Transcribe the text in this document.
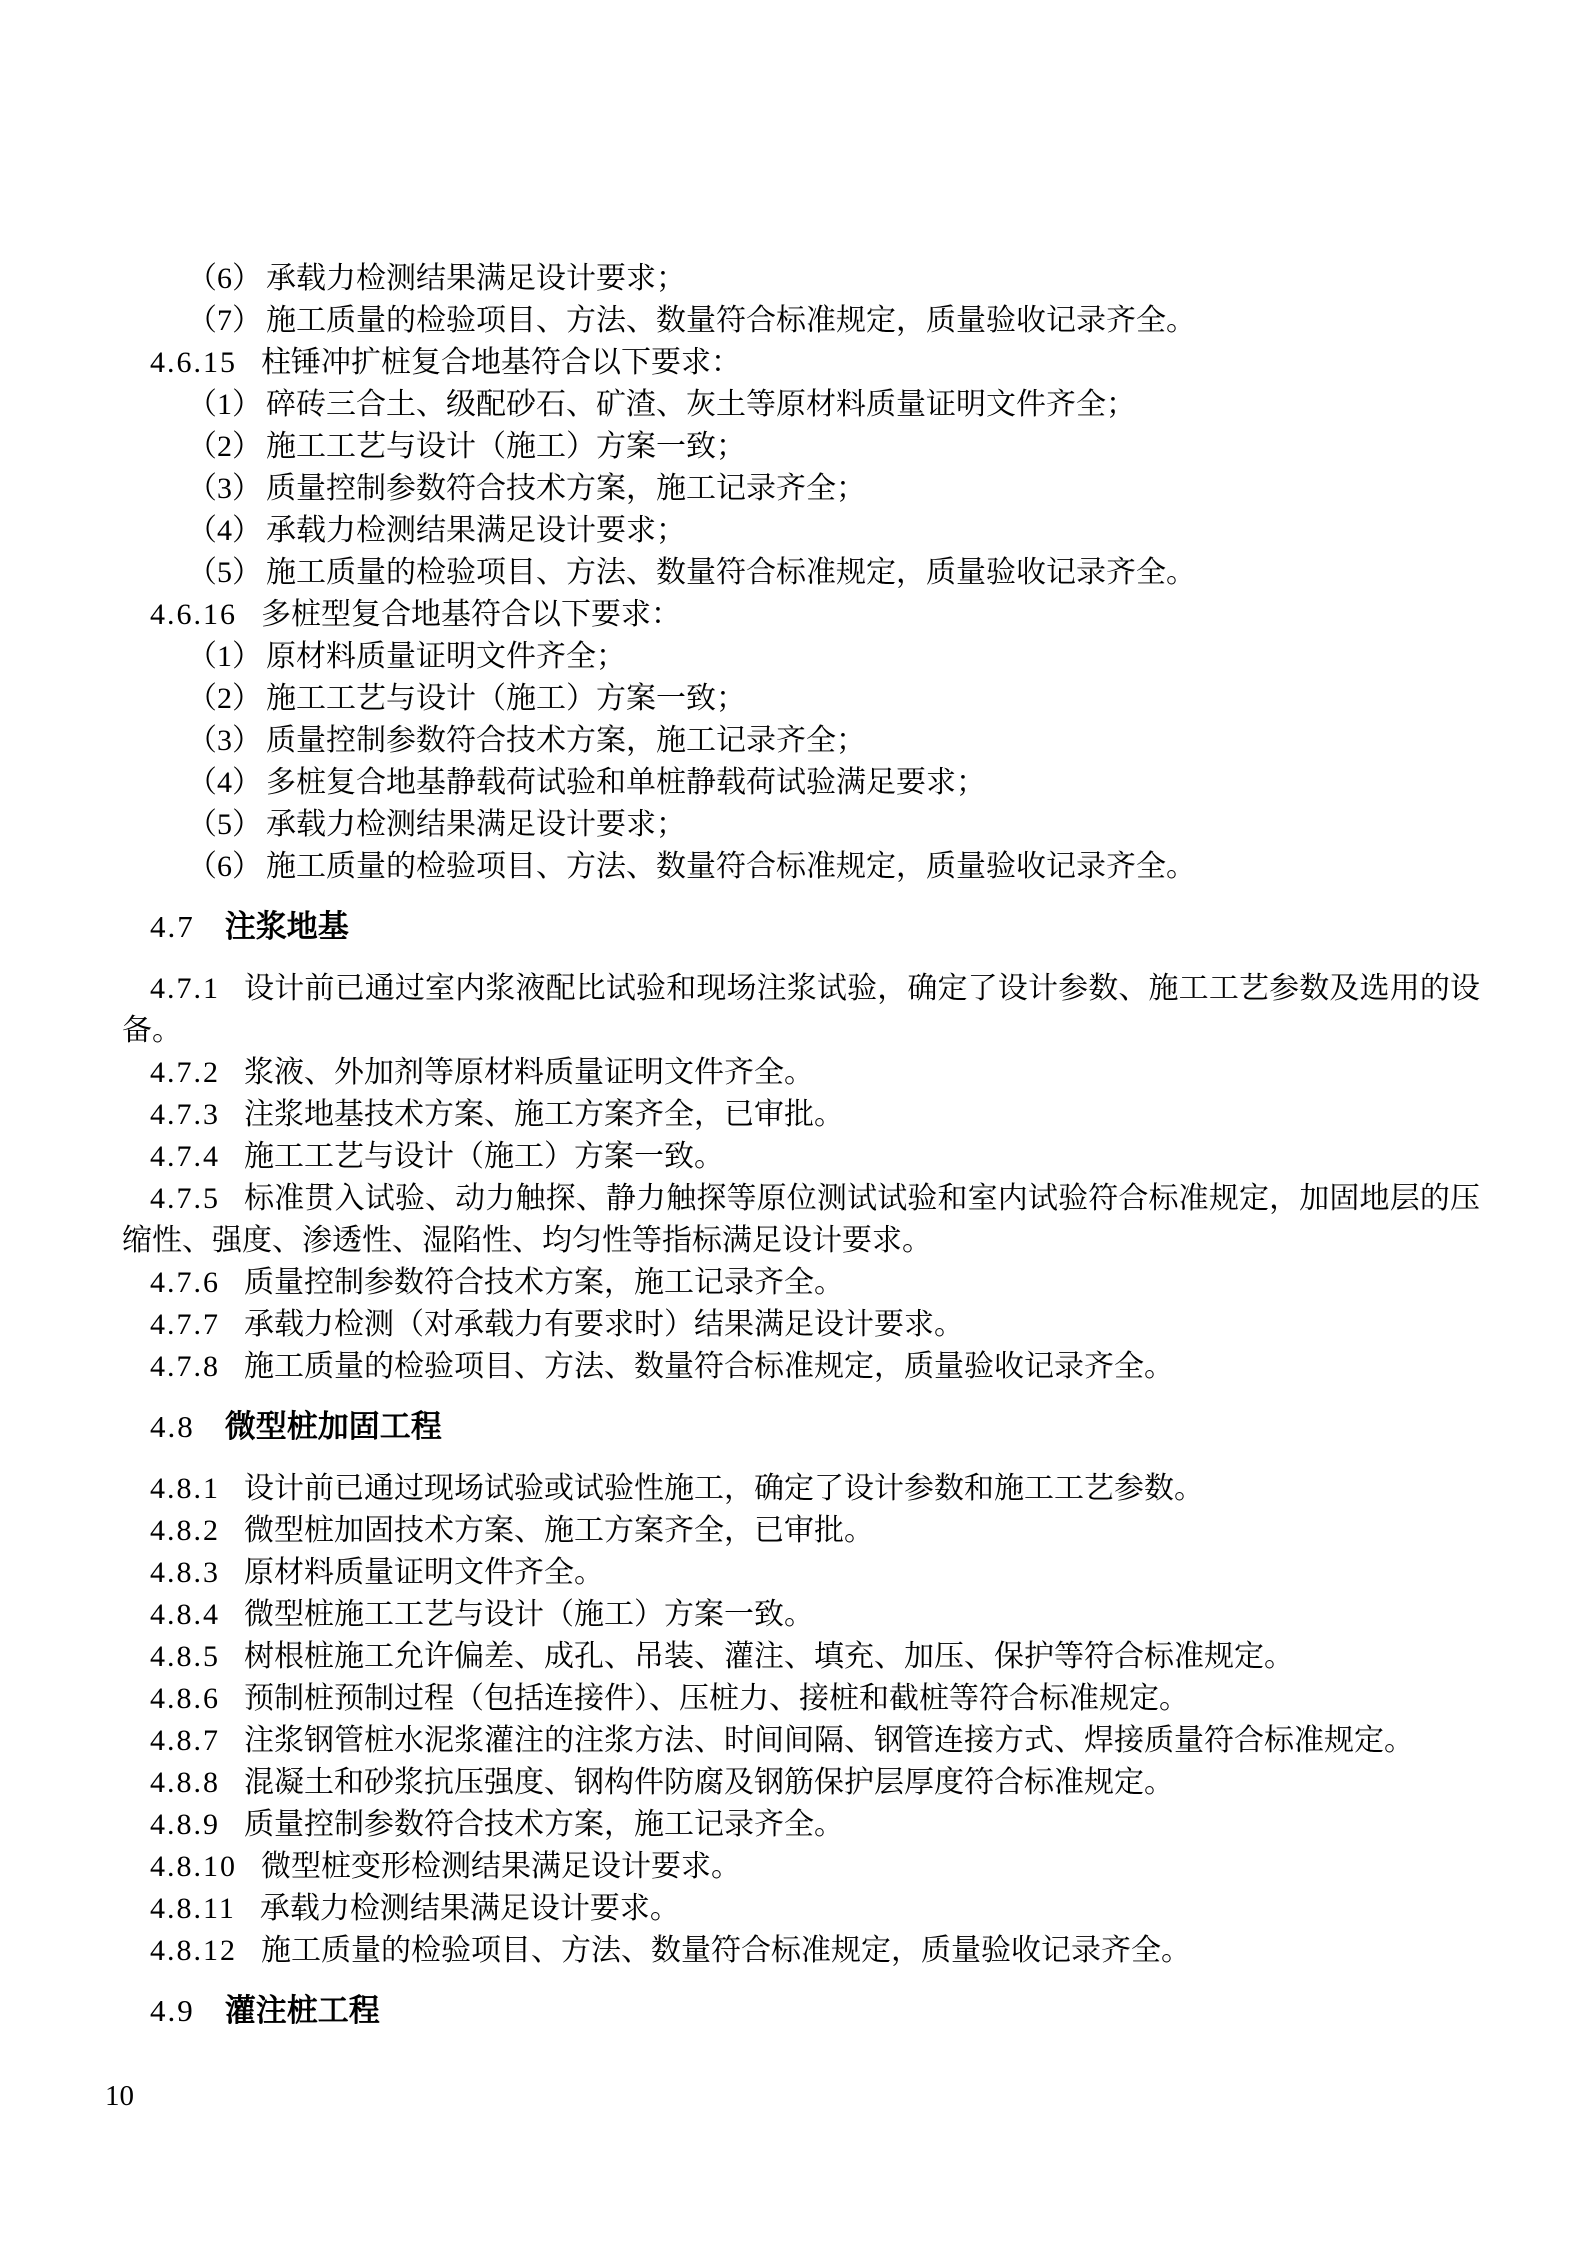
（6） 承载力检测结果满足设计要求；

（7） 施工质量的检验项目、方法、数量符合标准规定，质量验收记录齐全。

4.6.15 柱锤冲扩桩复合地基符合以下要求：

（1） 碎砖三合土、级配砂石、矿渣、灰土等原材料质量证明文件齐全；

（2） 施工工艺与设计（施工）方案一致；

（3） 质量控制参数符合技术方案，施工记录齐全；

（4） 承载力检测结果满足设计要求；

（5） 施工质量的检验项目、方法、数量符合标准规定，质量验收记录齐全。

4.6.16 多桩型复合地基符合以下要求：

（1） 原材料质量证明文件齐全；

（2） 施工工艺与设计（施工）方案一致；

（3） 质量控制参数符合技术方案，施工记录齐全；

（4） 多桩复合地基静载荷试验和单桩静载荷试验满足要求；

（5） 承载力检测结果满足设计要求；

（6） 施工质量的检验项目、方法、数量符合标准规定，质量验收记录齐全。

4.7 注浆地基

4.7.1 设计前已通过室内浆液配比试验和现场注浆试验，确定了设计参数、施工工艺参数及选用的设备。

4.7.2 浆液、外加剂等原材料质量证明文件齐全。

4.7.3 注浆地基技术方案、施工方案齐全，已审批。

4.7.4 施工工艺与设计（施工）方案一致。

4.7.5 标准贯入试验、动力触探、静力触探等原位测试试验和室内试验符合标准规定，加固地层的压缩性、强度、渗透性、湿陷性、均匀性等指标满足设计要求。

4.7.6 质量控制参数符合技术方案，施工记录齐全。

4.7.7 承载力检测（对承载力有要求时）结果满足设计要求。

4.7.8 施工质量的检验项目、方法、数量符合标准规定，质量验收记录齐全。

4.8 微型桩加固工程

4.8.1 设计前已通过现场试验或试验性施工，确定了设计参数和施工工艺参数。

4.8.2 微型桩加固技术方案、施工方案齐全，已审批。

4.8.3 原材料质量证明文件齐全。

4.8.4 微型桩施工工艺与设计（施工）方案一致。

4.8.5 树根桩施工允许偏差、成孔、吊装、灌注、填充、加压、保护等符合标准规定。

4.8.6 预制桩预制过程（包括连接件）、压桩力、接桩和截桩等符合标准规定。

4.8.7 注浆钢管桩水泥浆灌注的注浆方法、时间间隔、钢管连接方式、焊接质量符合标准规定。

4.8.8 混凝土和砂浆抗压强度、钢构件防腐及钢筋保护层厚度符合标准规定。

4.8.9 质量控制参数符合技术方案，施工记录齐全。

4.8.10 微型桩变形检测结果满足设计要求。

4.8.11 承载力检测结果满足设计要求。

4.8.12 施工质量的检验项目、方法、数量符合标准规定，质量验收记录齐全。

4.9 灌注桩工程
10
